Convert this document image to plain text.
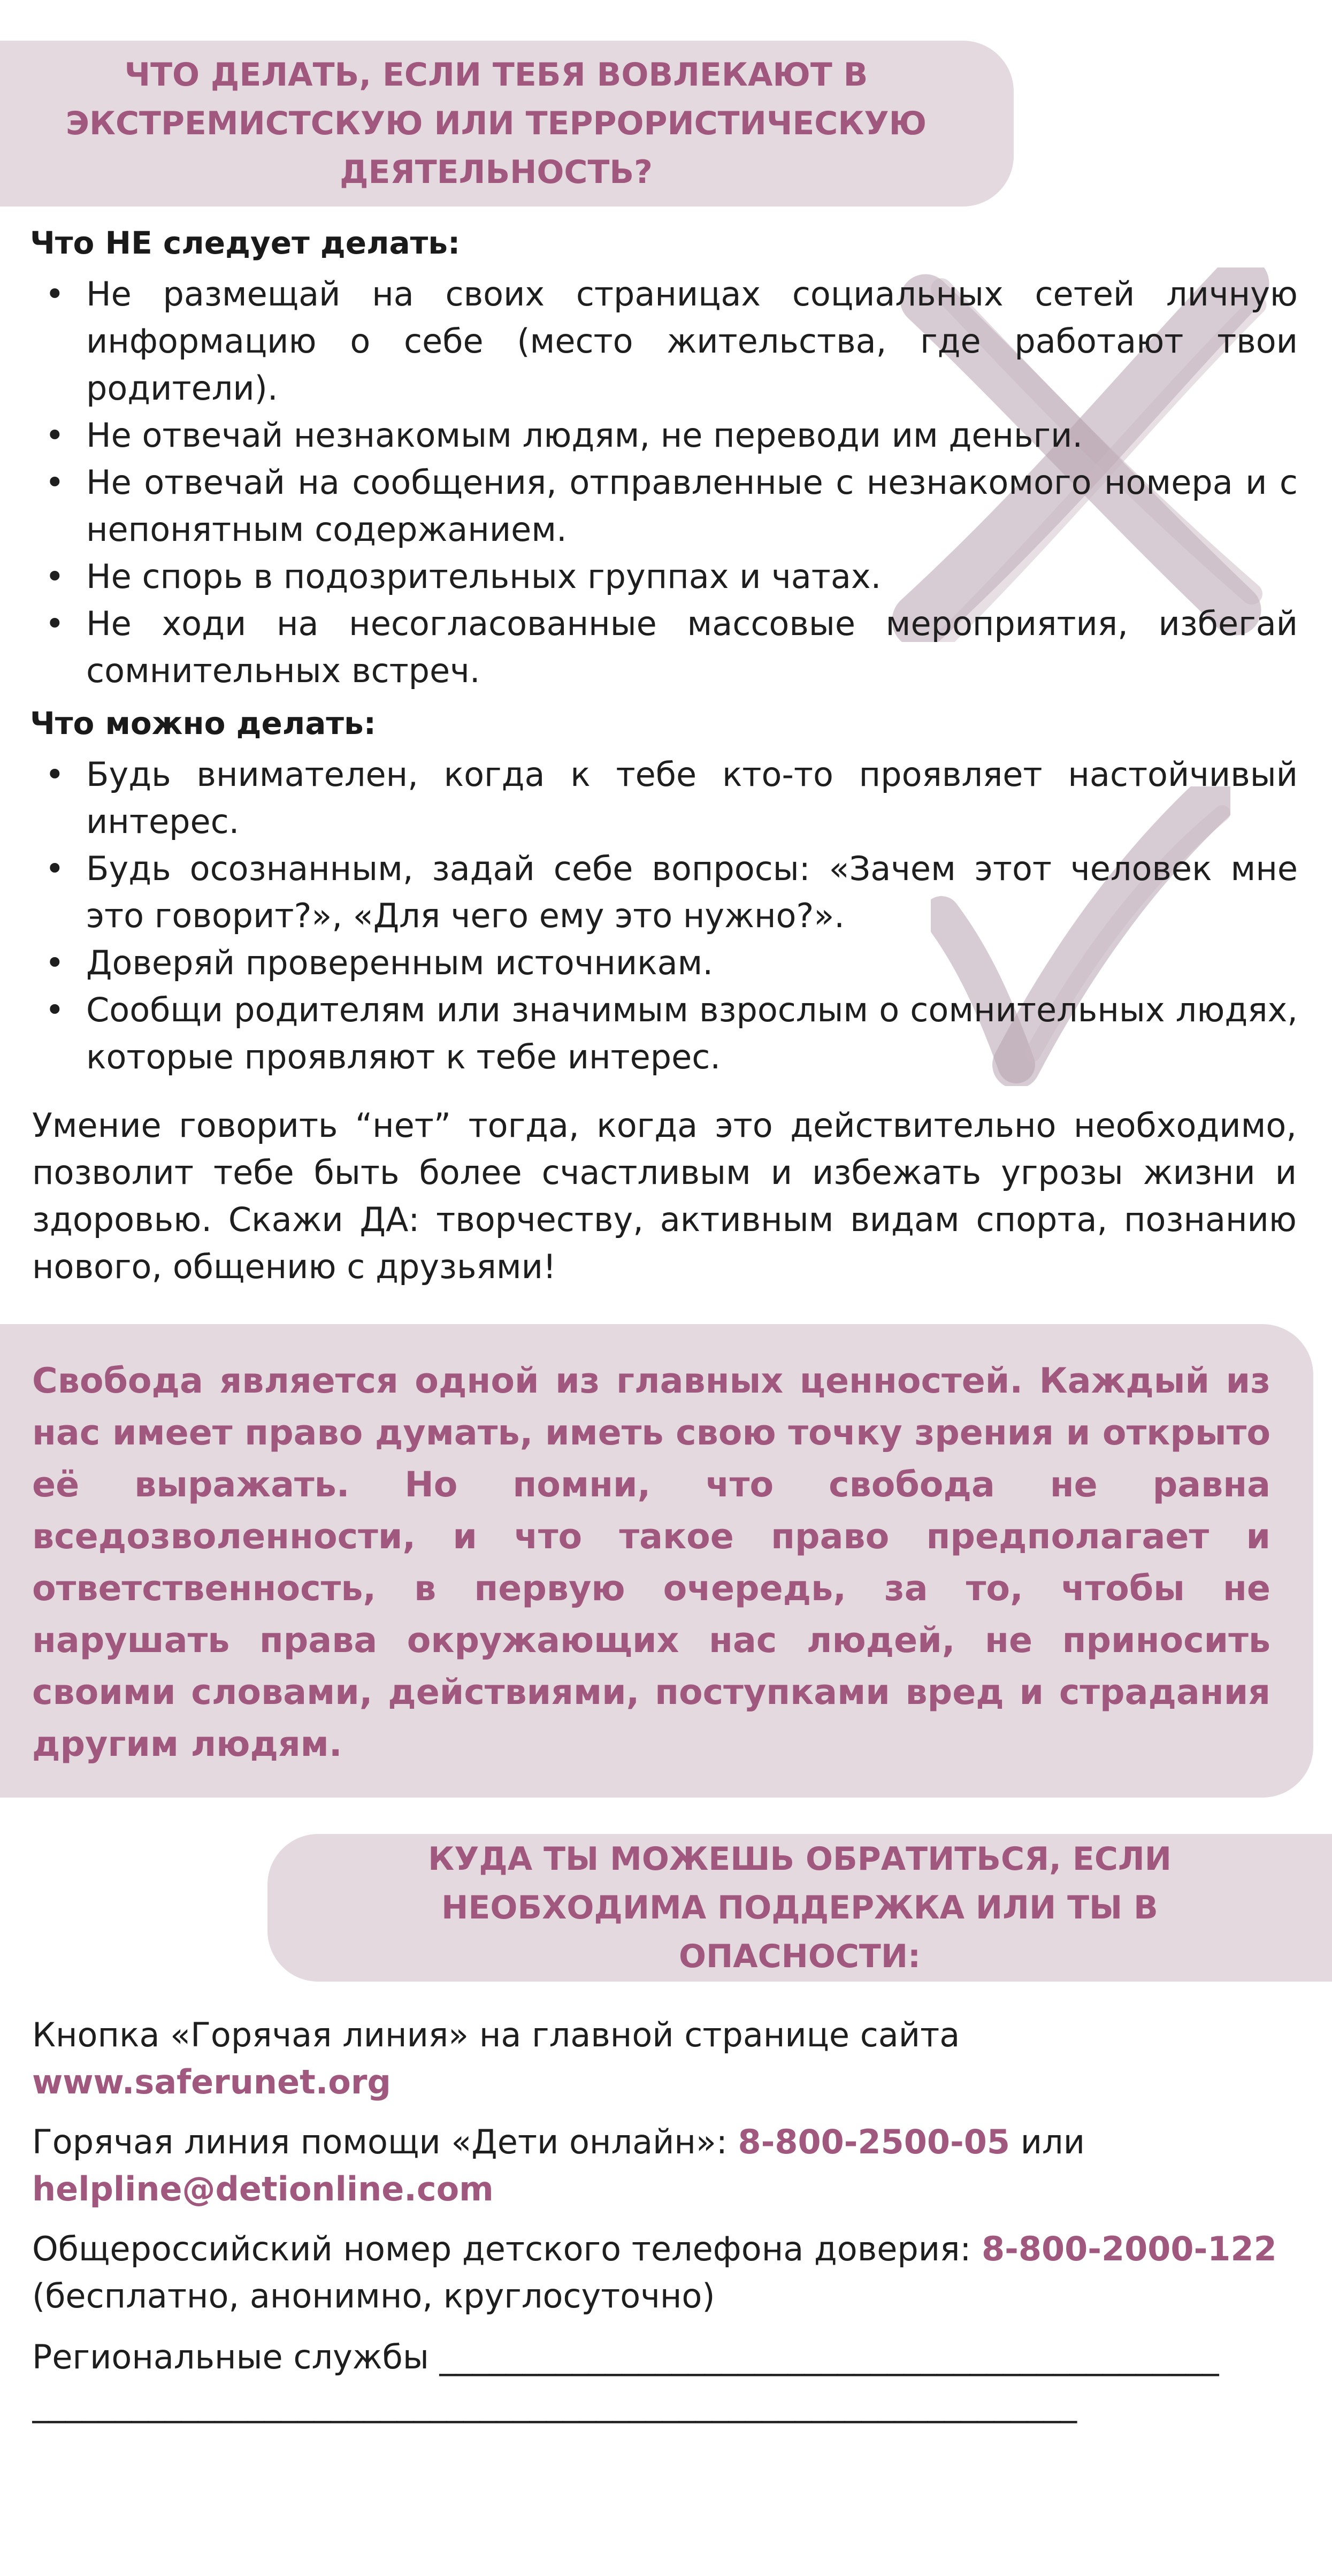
ЧТО ДЕЛАТЬ, ЕСЛИ ТЕБЯ ВОВЛЕКАЮТ В
ЭКСТРЕМИСТСКУЮ ИЛИ ТЕРРОРИСТИЧЕСКУЮ
ДЕЯТЕЛЬНОСТЬ?
Что НЕ следует делать:
• Не размещай на своих страницах социальных сетей личную информацию о себе (место жительства, где работают твои родители).
• Не отвечай незнакомым людям, не переводи им деньги.
• Не отвечай на сообщения, отправленные с незнакомого номера и с непонятным содержанием.
• Не спорь в подозрительных группах и чатах.
• Не ходи на несогласованные массовые мероприятия, избегай сомнительных встреч.
Что можно делать:
• Будь внимателен, когда к тебе кто-то проявляет настойчивый интерес.
• Будь осознанным, задай себе вопросы: «Зачем этот человек мне это говорит?», «Для чего ему это нужно?».
• Доверяй проверенным источникам.
• Сообщи родителям или значимым взрослым о сомнительных людях, которые проявляют к тебе интерес.
Умение говорить “нет” тогда, когда это действительно необходимо, позволит тебе быть более счастливым и избежать угрозы жизни и здоровью. Скажи ДА: творчеству, активным видам спорта, познанию нового, общению с друзьями!
Свобода является одной из главных ценностей. Каждый из нас имеет право думать, иметь свою точку зрения и открыто её выражать. Но помни, что свобода не равна вседозволенности, и что такое право предполагает и ответственность, в первую очередь, за то, чтобы не нарушать права окружающих нас людей, не приносить своими словами, действиями, поступками вред и страдания другим людям.
КУДА ТЫ МОЖЕШЬ ОБРАТИТЬСЯ, ЕСЛИ
НЕОБХОДИМА ПОДДЕРЖКА ИЛИ ТЫ В
ОПАСНОСТИ:
Кнопка «Горячая линия» на главной странице сайта
www.saferunet.org
Горячая линия помощи «Дети онлайн»: 8-800-2500-05 или
helpline@detionline.com
Общероссийский номер детского телефона доверия: 8-800-2000-122
(бесплатно, анонимно, круглосуточно)
Региональные службы _______________________________________________
_______________________________________________________________
